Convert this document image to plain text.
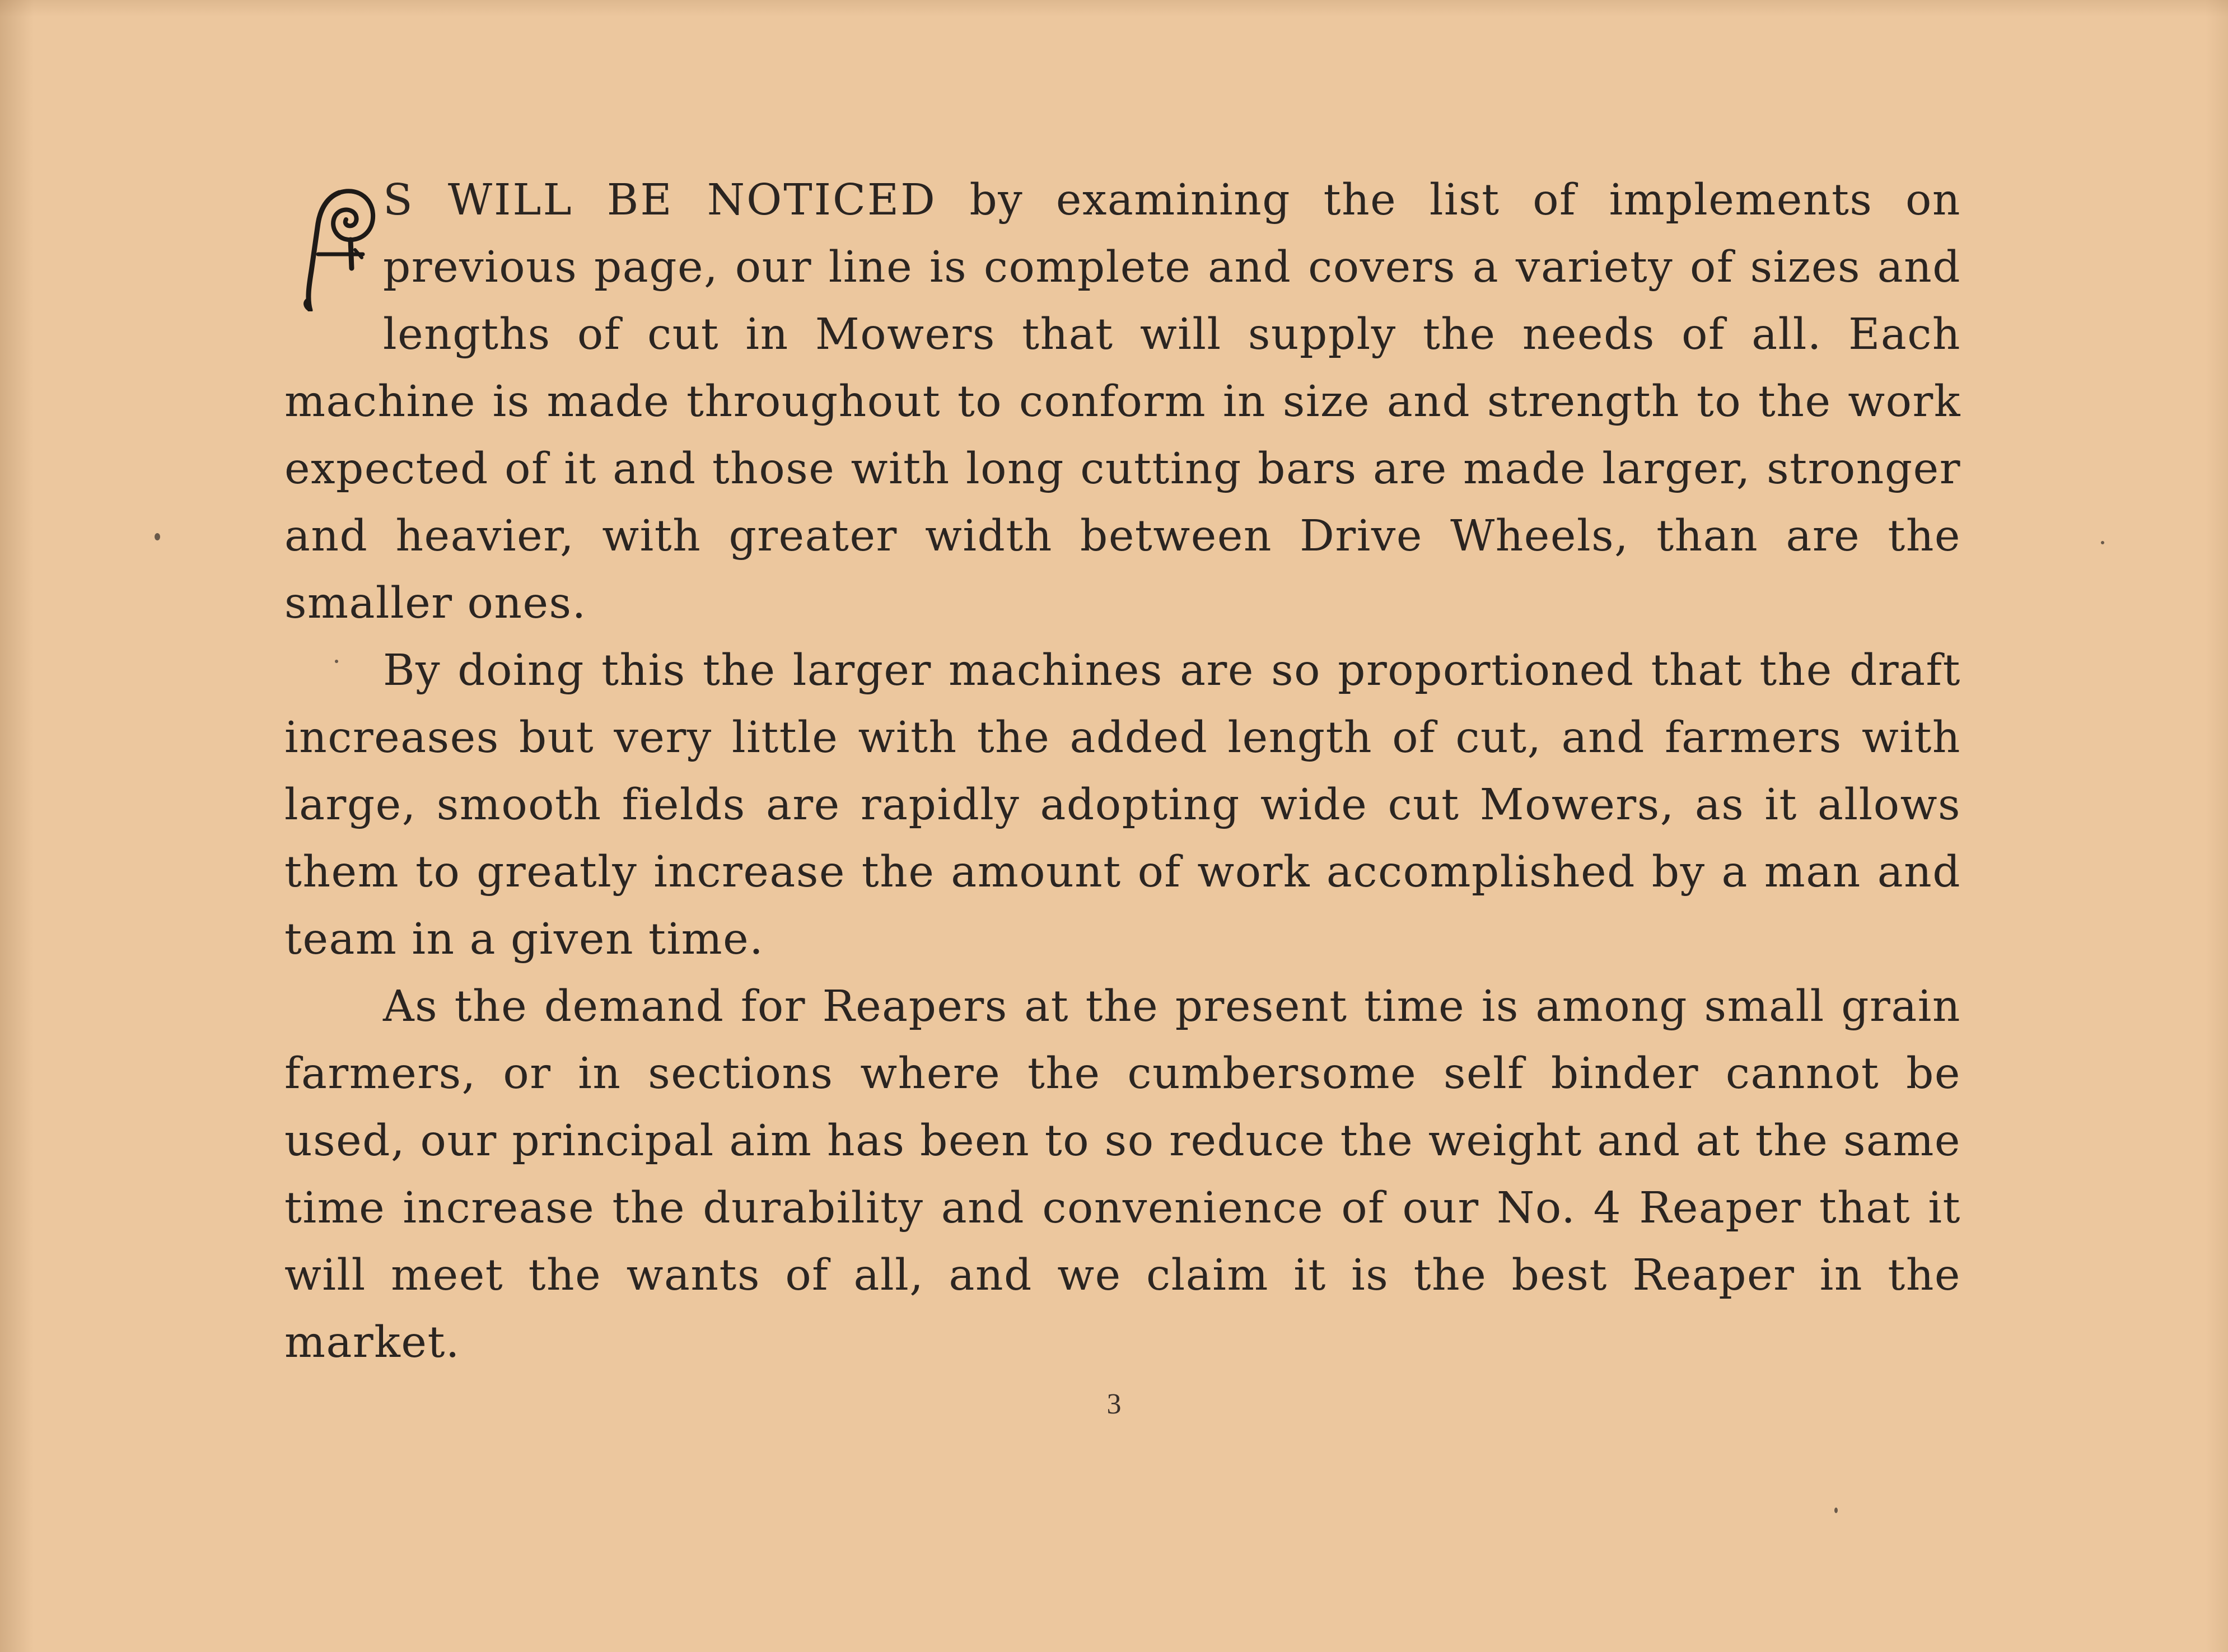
S WILL BE NOTICED by examining the list of implements on previous page, our line is complete and covers a variety of sizes and lengths of cut in Mowers that will supply the needs of all. Each machine is made throughout to conform in size and strength to the work expected of it and those with long cutting bars are made larger, stronger and heavier, with greater width between Drive Wheels, than are the smaller ones.

By doing this the larger machines are so proportioned that the draft increases but very little with the added length of cut, and farmers with large, smooth fields are rapidly adopting wide cut Mowers, as it allows them to greatly increase the amount of work accomplished by a man and team in a given time.

As the demand for Reapers at the present time is among small grain farmers, or in sections where the cumbersome self binder cannot be used, our principal aim has been to so reduce the weight and at the same time increase the durability and convenience of our No. 4 Reaper that it will meet the wants of all, and we claim it is the best Reaper in the market.

3
